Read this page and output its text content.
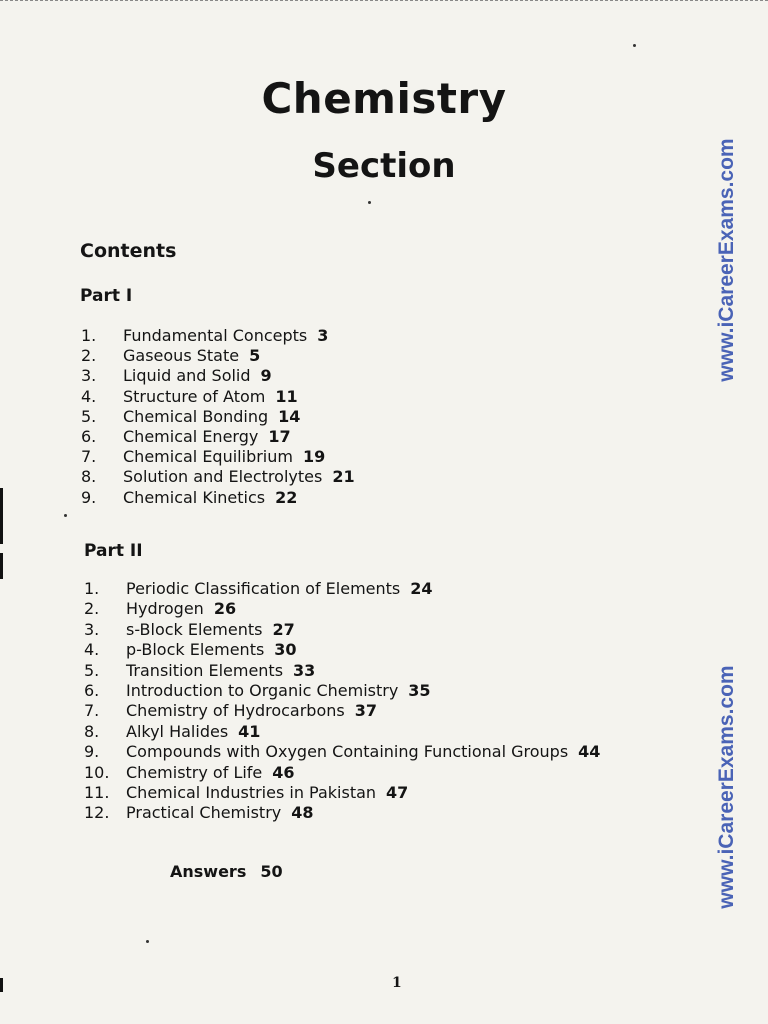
Chemistry
Section
Contents
Part I
1. Fundamental Concepts 3
2. Gaseous State 5
3. Liquid and Solid 9
4. Structure of Atom 11
5. Chemical Bonding 14
6. Chemical Energy 17
7. Chemical Equilibrium 19
8. Solution and Electrolytes 21
9. Chemical Kinetics 22
Part II
1. Periodic Classification of Elements 24
2. Hydrogen 26
3. s-Block Elements 27
4. p-Block Elements 30
5. Transition Elements 33
6. Introduction to Organic Chemistry 35
7. Chemistry of Hydrocarbons 37
8. Alkyl Halides 41
9. Compounds with Oxygen Containing Functional Groups 44
10. Chemistry of Life 46
11. Chemical Industries in Pakistan 47
12. Practical Chemistry 48
Answers 50
www.iCareerExams.com
www.iCareerExams.com
1
